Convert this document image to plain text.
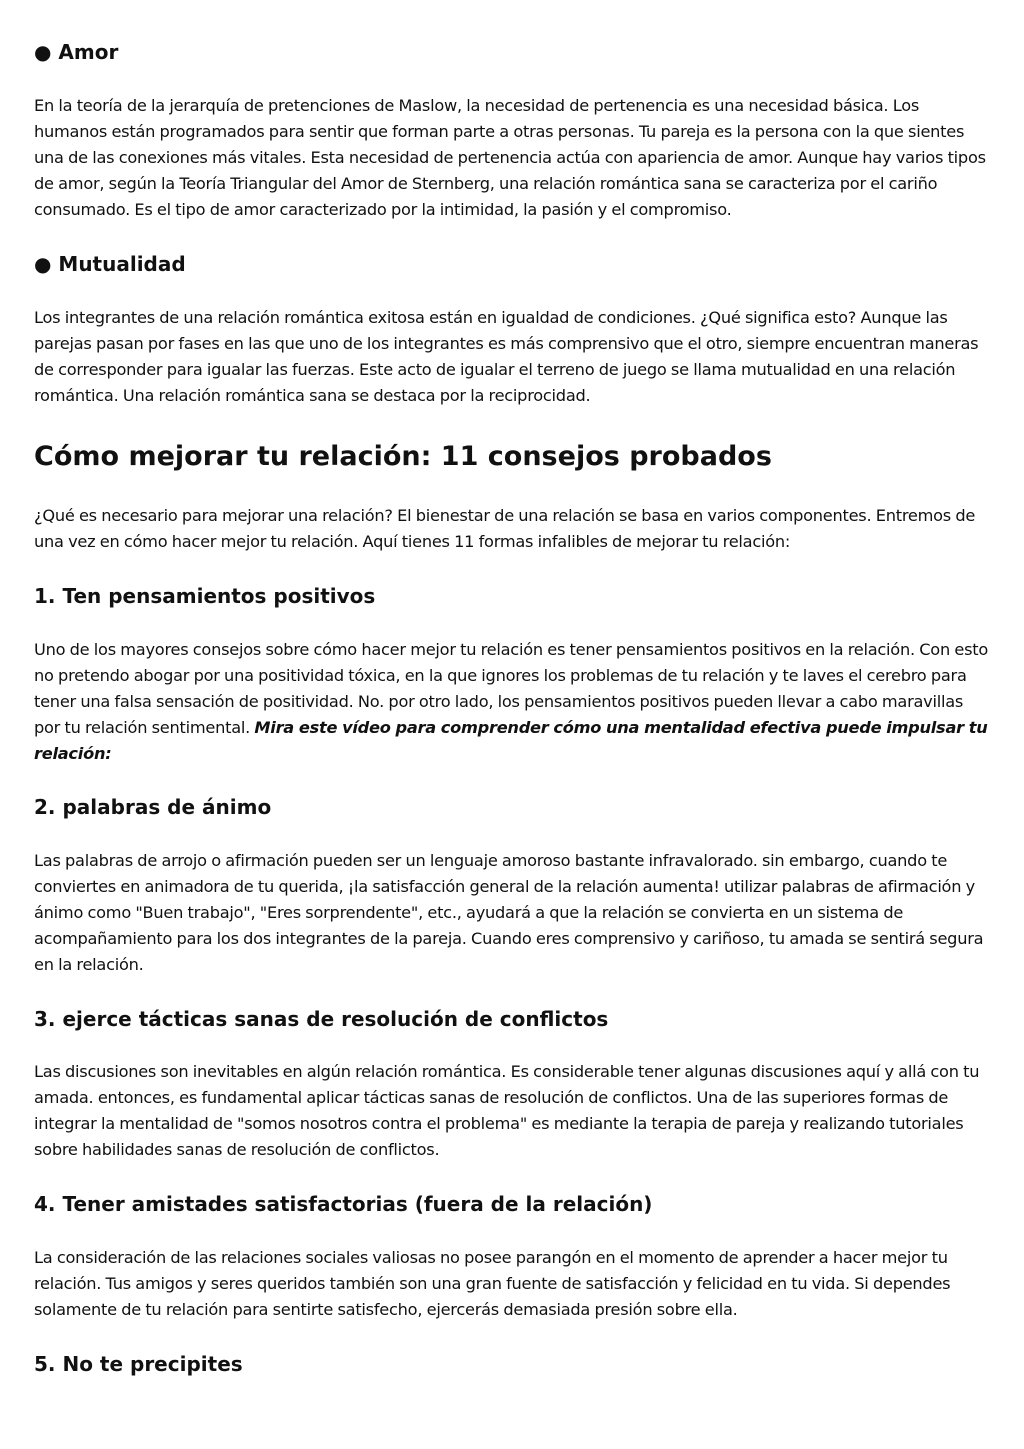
● Amor

En la teoría de la jerarquía de pretenciones de Maslow, la necesidad de pertenencia es una necesidad básica. Los humanos están programados para sentir que forman parte a otras personas. Tu pareja es la persona con la que sientes una de las conexiones más vitales. Esta necesidad de pertenencia actúa con apariencia de amor. Aunque hay varios tipos de amor, según la Teoría Triangular del Amor de Sternberg, una relación romántica sana se caracteriza por el cariño consumado. Es el tipo de amor caracterizado por la intimidad, la pasión y el compromiso.

● Mutualidad

Los integrantes de una relación romántica exitosa están en igualdad de condiciones. ¿Qué significa esto? Aunque las parejas pasan por fases en las que uno de los integrantes es más comprensivo que el otro, siempre encuentran maneras de corresponder para igualar las fuerzas. Este acto de igualar el terreno de juego se llama mutualidad en una relación romántica. Una relación romántica sana se destaca por la reciprocidad.

Cómo mejorar tu relación: 11 consejos probados

¿Qué es necesario para mejorar una relación? El bienestar de una relación se basa en varios componentes. Entremos de una vez en cómo hacer mejor tu relación. Aquí tienes 11 formas infalibles de mejorar tu relación:

1. Ten pensamientos positivos

Uno de los mayores consejos sobre cómo hacer mejor tu relación es tener pensamientos positivos en la relación. Con esto no pretendo abogar por una positividad tóxica, en la que ignores los problemas de tu relación y te laves el cerebro para tener una falsa sensación de positividad. No. por otro lado, los pensamientos positivos pueden llevar a cabo maravillas por tu relación sentimental. Mira este vídeo para comprender cómo una mentalidad efectiva puede impulsar tu relación:

2. palabras de ánimo

Las palabras de arrojo o afirmación pueden ser un lenguaje amoroso bastante infravalorado. sin embargo, cuando te conviertes en animadora de tu querida, ¡la satisfacción general de la relación aumenta! utilizar palabras de afirmación y ánimo como "Buen trabajo", "Eres sorprendente", etc., ayudará a que la relación se convierta en un sistema de acompañamiento para los dos integrantes de la pareja. Cuando eres comprensivo y cariñoso, tu amada se sentirá segura en la relación.

3. ejerce tácticas sanas de resolución de conflictos

Las discusiones son inevitables en algún relación romántica. Es considerable tener algunas discusiones aquí y allá con tu amada. entonces, es fundamental aplicar tácticas sanas de resolución de conflictos. Una de las superiores formas de integrar la mentalidad de "somos nosotros contra el problema" es mediante la terapia de pareja y realizando tutoriales sobre habilidades sanas de resolución de conflictos.

4. Tener amistades satisfactorias (fuera de la relación)

La consideración de las relaciones sociales valiosas no posee parangón en el momento de aprender a hacer mejor tu relación. Tus amigos y seres queridos también son una gran fuente de satisfacción y felicidad en tu vida. Si dependes solamente de tu relación para sentirte satisfecho, ejercerás demasiada presión sobre ella.

5. No te precipites
